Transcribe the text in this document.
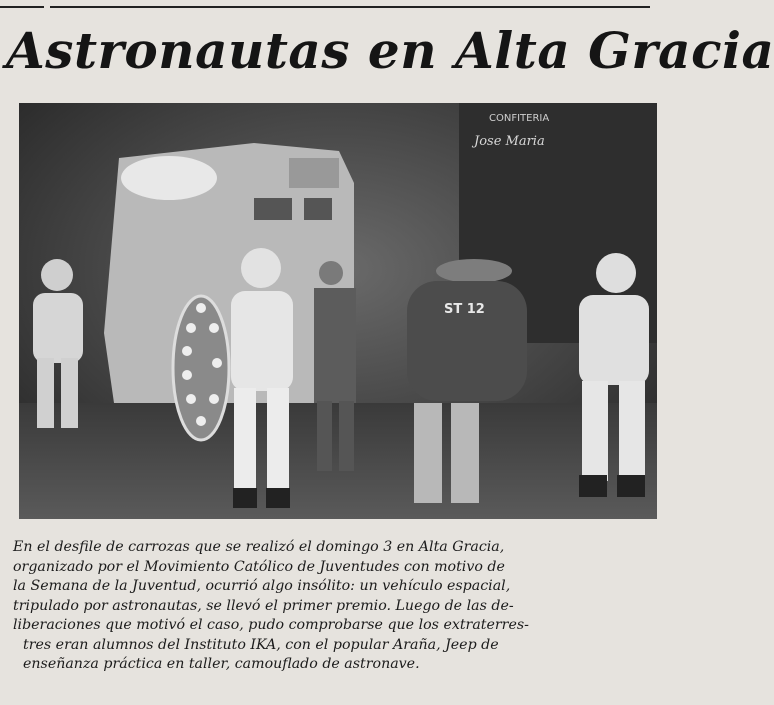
Astronautas en Alta Gracia
CONFITERIA
Jose Maria
ST 12
En el desfile de carrozas que se realizó el domingo 3 en Alta Gracia,
organizado por el Movimiento Católico de Juventudes con motivo de
la Semana de la Juventud, ocurrió algo insólito: un vehículo espacial,
tripulado por astronautas, se llevó el primer premio. Luego de las de-
liberaciones que motivó el caso, pudo comprobarse que los extraterres-
tres eran alumnos del Instituto IKA, con el popular Araña, Jeep de
enseñanza práctica en taller, camouflado de astronave.
